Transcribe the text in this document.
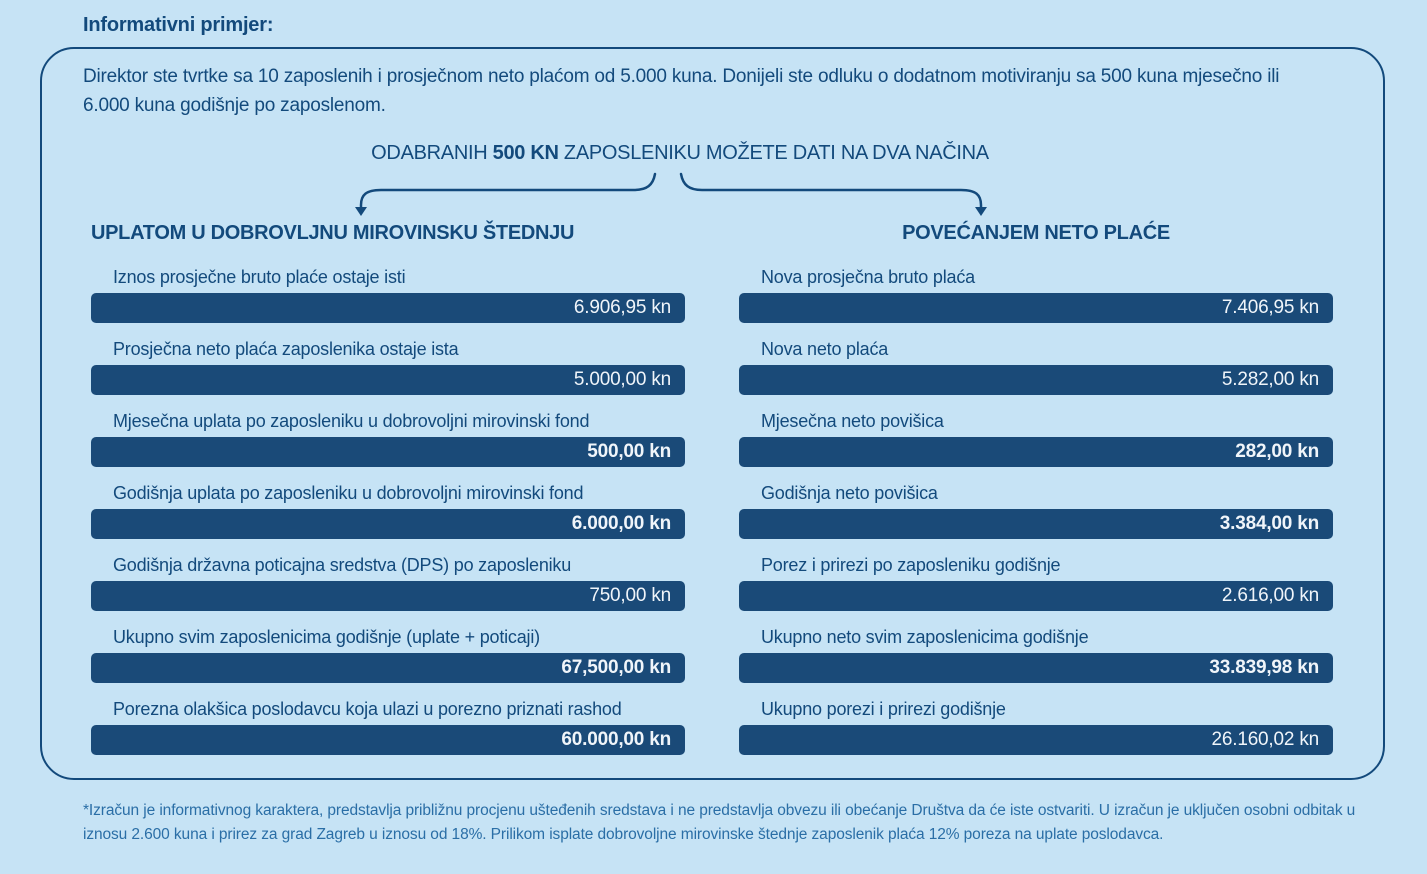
Informativni primjer:

Direktor ste tvrtke sa 10 zaposlenih i prosječnom neto plaćom od 5.000 kuna. Donijeli ste odluku o dodatnom motiviranju sa 500 kuna mjesečno ili 6.000 kuna godišnje po zaposlenom.

ODABRANIH 500 KN ZAPOSLENIKU MOŽETE DATI NA DVA NAČINA
UPLATOM U DOBROVLJNU MIROVINSKU ŠTEDNJU
Iznos prosječne bruto plaće ostaje isti
6.906,95 kn
Prosječna neto plaća zaposlenika ostaje ista
5.000,00 kn
Mjesečna uplata po zaposleniku u dobrovoljni mirovinski fond
500,00 kn
Godišnja uplata po zaposleniku u dobrovoljni mirovinski fond
6.000,00 kn
Godišnja državna poticajna sredstva (DPS) po zaposleniku
750,00 kn
Ukupno svim zaposlenicima godišnje (uplate + poticaji)
67,500,00 kn
Porezna olakšica poslodavcu koja ulazi u porezno priznati rashod
60.000,00 kn
POVEĆANJEM NETO PLAĆE
Nova prosječna bruto plaća
7.406,95 kn
Nova neto plaća
5.282,00 kn
Mjesečna neto povišica
282,00 kn
Godišnja neto povišica
3.384,00 kn
Porez i prirezi po zaposleniku godišnje
2.616,00 kn
Ukupno neto svim zaposlenicima godišnje
33.839,98 kn
Ukupno porezi i prirezi godišnje
26.160,02 kn

*Izračun je informativnog karaktera, predstavlja približnu procjenu ušteđenih sredstava i ne predstavlja obvezu ili obećanje Društva da će iste ostvariti. U izračun je uključen osobni odbitak u iznosu 2.600 kuna i prirez za grad Zagreb u iznosu od 18%. Prilikom isplate dobrovoljne mirovinske štednje zaposlenik plaća 12% poreza na uplate poslodavca.
